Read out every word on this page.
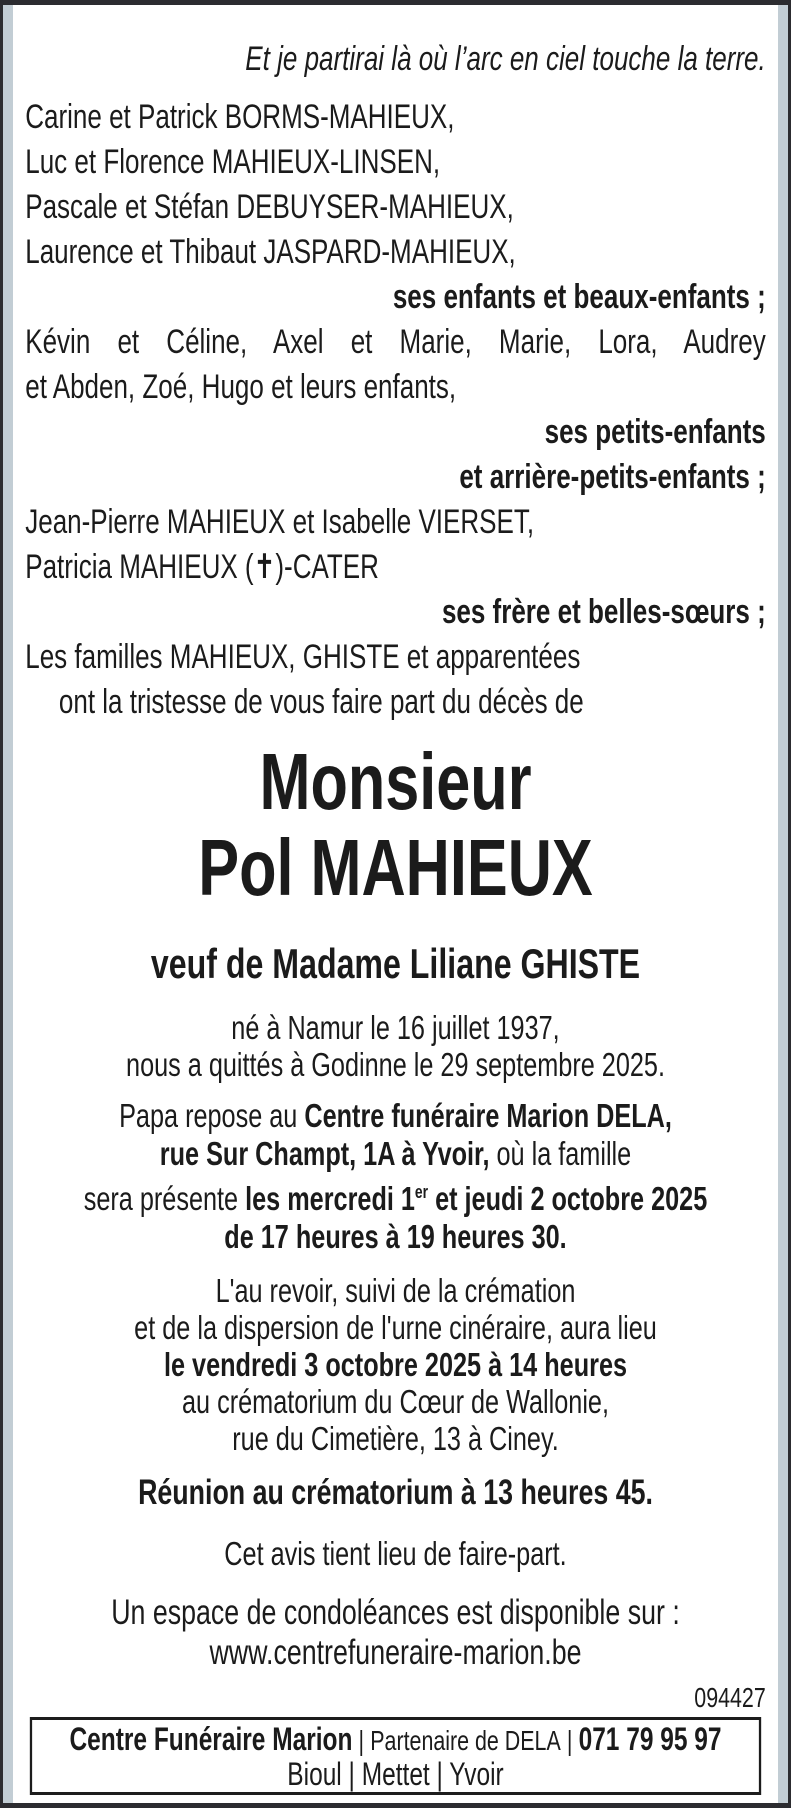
Et je partirai là où l’arc en ciel touche la terre.
Carine et Patrick BORMS-MAHIEUX,
Luc et Florence MAHIEUX-LINSEN,
Pascale et Stéfan DEBUYSER-MAHIEUX,
Laurence et Thibaut JASPARD-MAHIEUX,
ses enfants et beaux-enfants ;
Kévin et Céline, Axel et Marie, Marie, Lora, Audrey
et Abden, Zoé, Hugo et leurs enfants,
ses petits-enfants
et arrière-petits-enfants ;
Jean-Pierre MAHIEUX et Isabelle VIERSET,
Patricia MAHIEUX (✝)-CATER
ses frère et belles-sœurs ;
Les familles MAHIEUX, GHISTE et apparentées
ont la tristesse de vous faire part du décès de
Monsieur
Pol MAHIEUX
veuf de Madame Liliane GHISTE
né à Namur le 16 juillet 1937,
nous a quittés à Godinne le 29 septembre 2025.
Papa repose au Centre funéraire Marion DELA,
rue Sur Champt, 1A à Yvoir, où la famille
sera présente les mercredi 1er et jeudi 2 octobre 2025
de 17 heures à 19 heures 30.
L'au revoir, suivi de la crémation
et de la dispersion de l'urne cinéraire, aura lieu
le vendredi 3 octobre 2025 à 14 heures
au crématorium du Cœur de Wallonie,
rue du Cimetière, 13 à Ciney.
Réunion au crématorium à 13 heures 45.
Cet avis tient lieu de faire-part.
Un espace de condoléances est disponible sur :
www.centrefuneraire-marion.be
094427
Centre Funéraire Marion | Partenaire de DELA | 071 79 95 97
Bioul | Mettet | Yvoir
